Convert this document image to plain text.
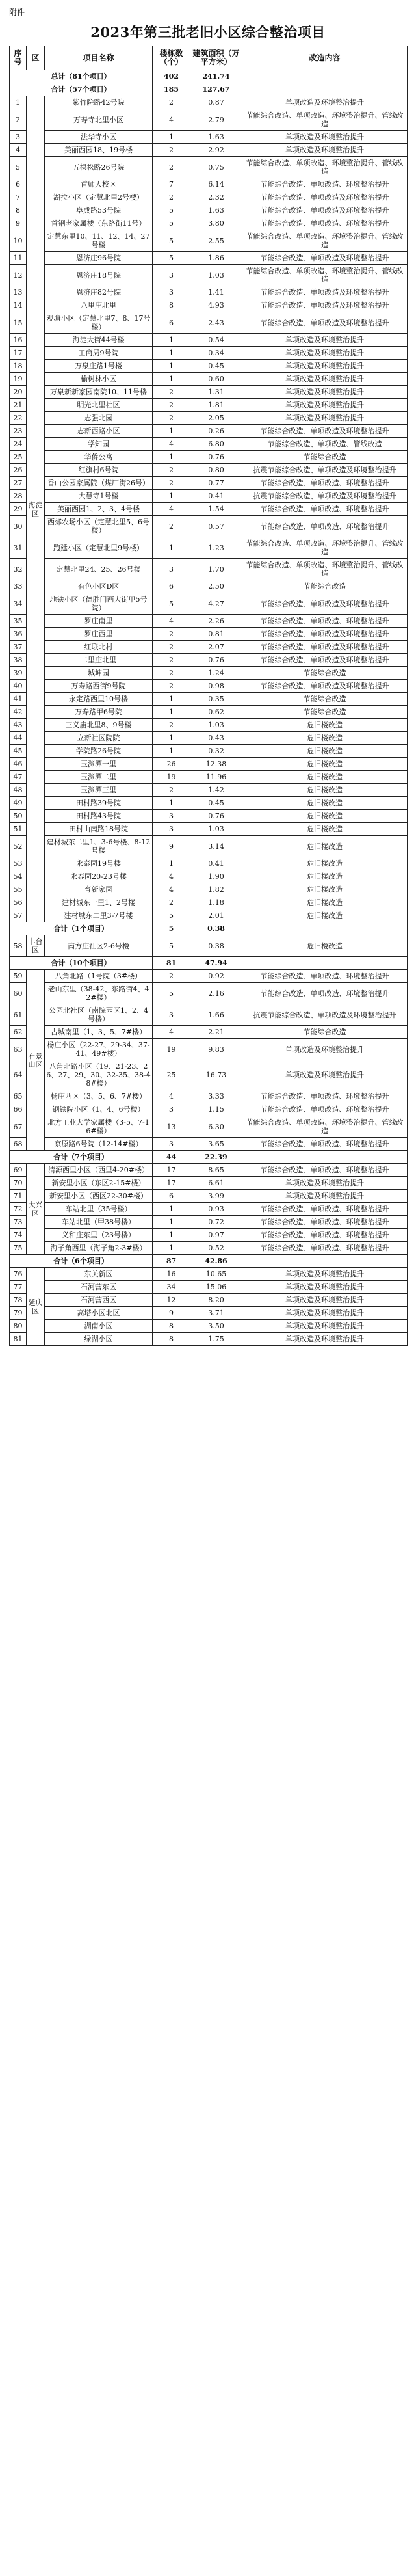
附件
2023年第三批老旧小区综合整治项目
序号	区	项目名称	楼栋数（个）	建筑面积（万平方米）	改造内容
总计（81个项目）			402	241.74	
合计（57个项目）			185	127.67	
1	海淀区	紫竹院路42号院	2	0.87	单项改造及环境整治提升
2		万寿寺北里小区	4	2.79	节能综合改造、单项改造、环境整治提升、管线改造
3		法华寺小区	1	1.63	单项改造及环境整治提升
4		美丽西园18、19号楼	2	2.92	单项改造及环境整治提升
5		五棵松路26号院	2	0.75	节能综合改造、单项改造、环境整治提升、管线改造
6		首师大校区	7	6.14	节能综合改造、单项改造、环境整治提升
7		湖拉小区（定慧北里2号楼）	2	2.32	节能综合改造、单项改造及环境整治提升
8		阜成路53号院	5	1.63	节能综合改造、单项改造及环境整治提升
9		首钢老家属楼（东路街11号）	5	3.80	节能综合改造、单项改造、环境整治提升
10		定慧东里10、11、12、14、27号楼	5	2.55	节能综合改造、单项改造、环境整治提升、管线改造
11		恩济庄96号院	5	1.86	节能综合改造、单项改造及环境整治提升
12		恩济庄18号院	3	1.03	节能综合改造、单项改造、环境整治提升、管线改造
13		恩济庄82号院	3	1.41	节能综合改造、单项改造及环境整治提升
14		八里庄北里	8	4.93	节能综合改造、单项改造及环境整治提升
15		观塘小区（定慧北里7、8、17号楼）	6	2.43	节能综合改造、单项改造及环境整治提升
16		海淀大街44号楼	1	0.54	单项改造及环境整治提升
17		工商局9号院	1	0.34	单项改造及环境整治提升
18		万泉庄路1号楼	1	0.45	单项改造及环境整治提升
19		榆树林小区	1	0.60	单项改造及环境整治提升
20		万泉新新家园南院10、11号楼	2	1.31	单项改造及环境整治提升
21		明光北里社区	2	1.81	单项改造及环境整治提升
22		志强北园	2	2.05	单项改造及环境整治提升
23		志新西路小区	1	0.26	节能综合改造、单项改造及环境整治提升
24		学知园	4	6.80	节能综合改造、单项改造、管线改造
25		华侨公寓	1	0.76	节能综合改造
26		红旗村6号院	2	0.80	抗震节能综合改造、单项改造及环境整治提升
27		香山公园家属院（煤厂街26号）	2	0.77	节能综合改造、单项改造、环境整治提升
28		大慧寺1号楼	1	0.41	抗震节能综合改造、单项改造及环境整治提升
29		美丽西园1、2、3、4号楼	4	1.54	节能综合改造、单项改造、环境整治提升
30		西郊农场小区（定慧北里5、6号楼）	2	0.57	节能综合改造、单项改造、环境整治提升
31		跑廷小区（定慧北里9号楼）	1	1.23	节能综合改造、单项改造、环境整治提升、管线改造
32		定慧北里24、25、26号楼	3	1.70	节能综合改造、单项改造、环境整治提升、管线改造
33		有色小区D区	6	2.50	节能综合改造
34		地铁小区（德胜门西大街甲5号院）	5	4.27	节能综合改造、单项改造及环境整治提升
35		罗庄南里	4	2.26	节能综合改造、单项改造、环境整治提升
36		罗庄西里	2	0.81	节能综合改造、单项改造及环境整治提升
37		红联北村	2	2.07	节能综合改造、单项改造及环境整治提升
38		二里庄北里	2	0.76	节能综合改造、单项改造及环境整治提升
39		城坤园	2	1.24	节能综合改造
40		万寿路西街9号院	2	0.98	节能综合改造、单项改造及环境整治提升
41		永定路西里10号楼	1	0.35	节能综合改造
42		万寿路甲6号院	1	0.62	节能综合改造
43		三义庙北里8、9号楼	2	1.03	危旧楼改造
44		立新社区院院	1	0.43	危旧楼改造
45		学院路26号院	1	0.32	危旧楼改造
46		玉渊潭一里	26	12.38	危旧楼改造
47		玉渊潭二里	19	11.96	危旧楼改造
48		玉渊潭三里	2	1.42	危旧楼改造
49		田村路39号院	1	0.45	危旧楼改造
50		田村路43号院	3	0.76	危旧楼改造
51		田村山南路18号院	3	1.03	危旧楼改造
52		建材城东二里1、3-6号楼、8-12号楼	9	3.14	危旧楼改造
53		永泰园19号楼	1	0.41	危旧楼改造
54		永泰园20-23号楼	4	1.90	危旧楼改造
55		育新家园	4	1.82	危旧楼改造
56		建材城东一里1、2号楼	2	1.18	危旧楼改造
57		建材城东二里3-7号楼	5	2.01	危旧楼改造
合计（1个项目）			5	0.38	
58	丰台区	南方庄社区2-6号楼	5	0.38	危旧楼改造
合计（10个项目）			81	47.94	
59	石景山区	八角北路（1号院（3#楼）	2	0.92	节能综合改造、单项改造、环境整治提升
60		老山东里（38-42、东路街4、42#楼）	5	2.16	节能综合改造、单项改造、环境整治提升
61		公园北社区（南院西区1、2、4号楼）	3	1.66	抗震节能综合改造、单项改造及环境整治提升
62		古城南里（1、3、5、7#楼）	4	2.21	节能综合改造
63		杨庄小区（22-27、29-34、37-41、49#楼）	19	9.83	单项改造及环境整治提升
64		八角北路小区（19、21-23、26、27、29、30、32-35、38-48#楼）	25	16.73	单项改造及环境整治提升
65		杨庄西区（3、5、6、7#楼）	4	3.33	节能综合改造、单项改造、环境整治提升
66		钢铁院小区（1、4、6号楼）	3	1.15	节能综合改造、单项改造、环境整治提升
67		北方工业大学家属楼（3-5、7-16#楼）	13	6.30	节能综合改造、单项改造、环境整治提升、管线改造
68		京原路6号院（12-14#楼）	3	3.65	节能综合改造、单项改造、环境整治提升
合计（7个项目）			44	22.39	
69	大兴区	清源西里小区（西里4-20#楼）	17	8.65	节能综合改造、单项改造、环境整治提升
70		新安里小区（东区2-15#楼）	17	6.61	单项改造及环境整治提升
71		新安里小区（西区22-30#楼）	6	3.99	单项改造及环境整治提升
72		车站北里（35号楼）	1	0.93	节能综合改造、单项改造、环境整治提升
73		车站北里（甲38号楼）	1	0.72	节能综合改造、单项改造、环境整治提升
74		义和庄东里（23号楼）	1	0.97	节能综合改造、单项改造、环境整治提升
75		海子角西里（海子角2-3#楼）	1	0.52	节能综合改造、单项改造、环境整治提升
合计（6个项目）			87	42.86	
76	延庆区	东关新区	16	10.65	单项改造及环境整治提升
77		石河营东区	34	15.06	单项改造及环境整治提升
78		石河营西区	12	8.20	单项改造及环境整治提升
79		高塔小区北区	9	3.71	单项改造及环境整治提升
80		湖南小区	8	3.50	单项改造及环境整治提升
81		绿湖小区	8	1.75	单项改造及环境整治提升
